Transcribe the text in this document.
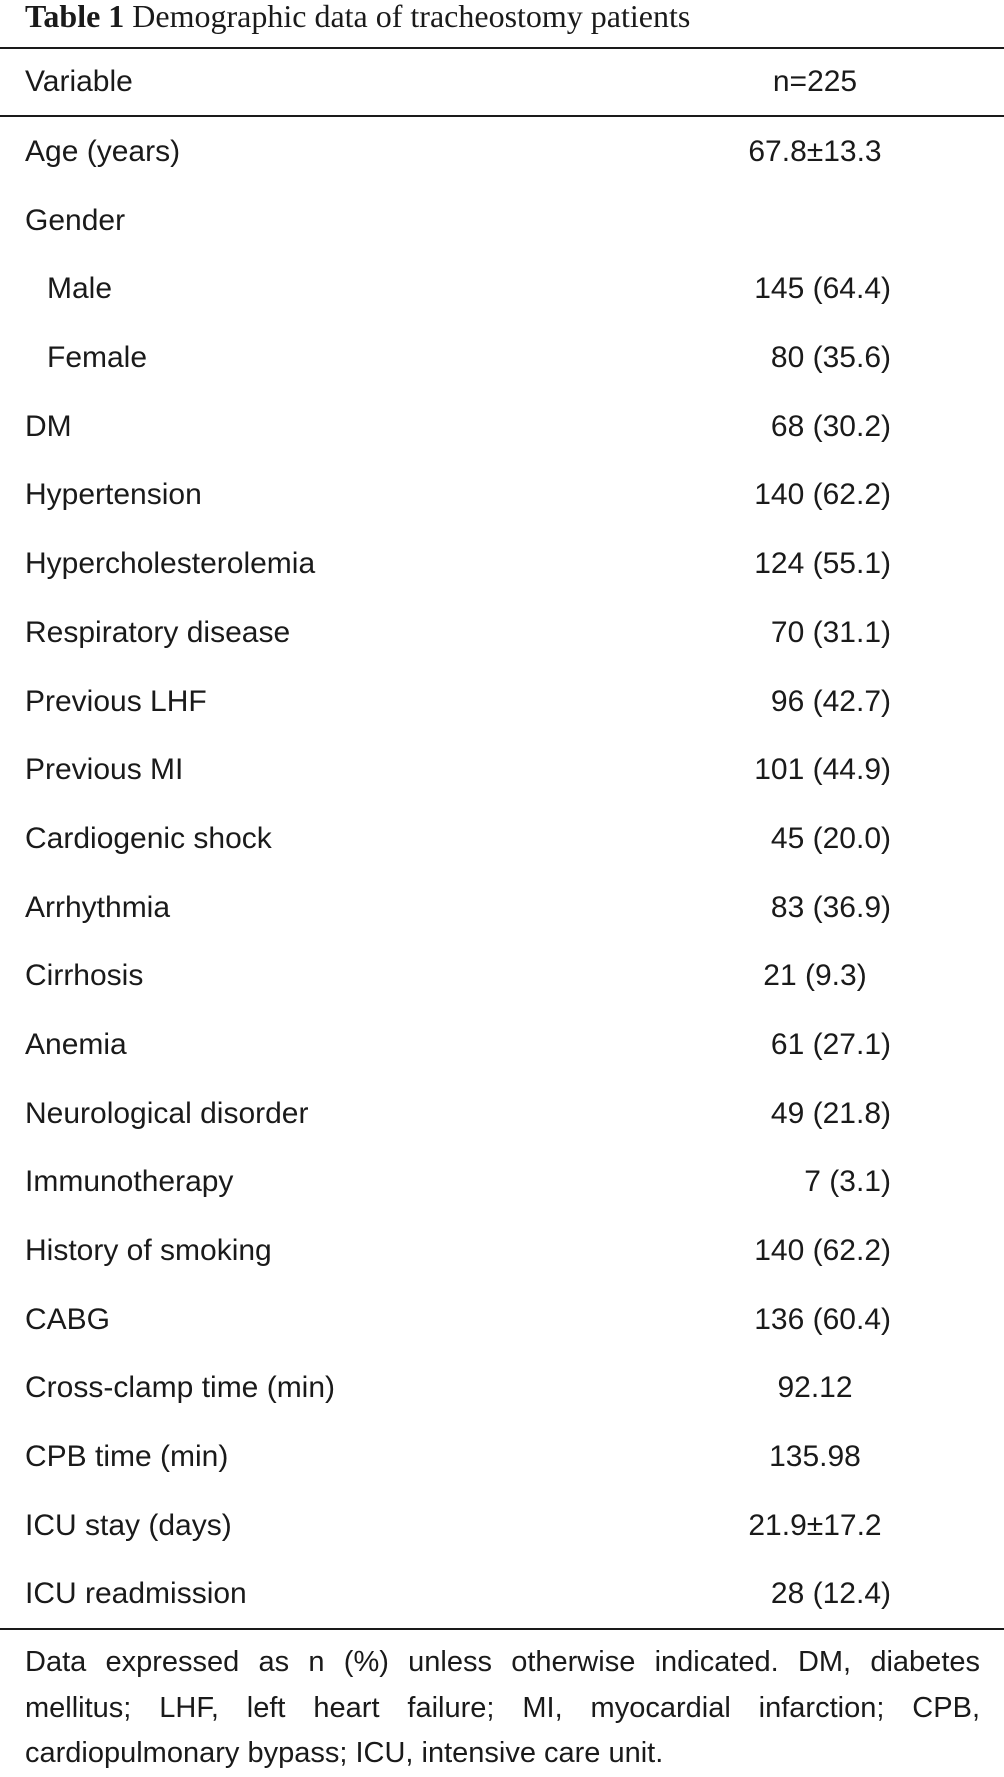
Table 1 Demographic data of tracheostomy patients
Variable	n=225
Age (years)	67.8±13.3
Gender
Male	145 (64.4)
Female	80 (35.6)
DM	68 (30.2)
Hypertension	140 (62.2)
Hypercholesterolemia	124 (55.1)
Respiratory disease	70 (31.1)
Previous LHF	96 (42.7)
Previous MI	101 (44.9)
Cardiogenic shock	45 (20.0)
Arrhythmia	83 (36.9)
Cirrhosis	21 (9.3)
Anemia	61 (27.1)
Neurological disorder	49 (21.8)
Immunotherapy	7 (3.1)
History of smoking	140 (62.2)
CABG	136 (60.4)
Cross-clamp time (min)	92.12
CPB time (min)	135.98
ICU stay (days)	21.9±17.2
ICU readmission	28 (12.4)
Data expressed as n (%) unless otherwise indicated. DM, diabetes mellitus; LHF, left heart failure; MI, myocardial infarction; CPB, cardiopulmonary bypass; ICU, intensive care unit.
